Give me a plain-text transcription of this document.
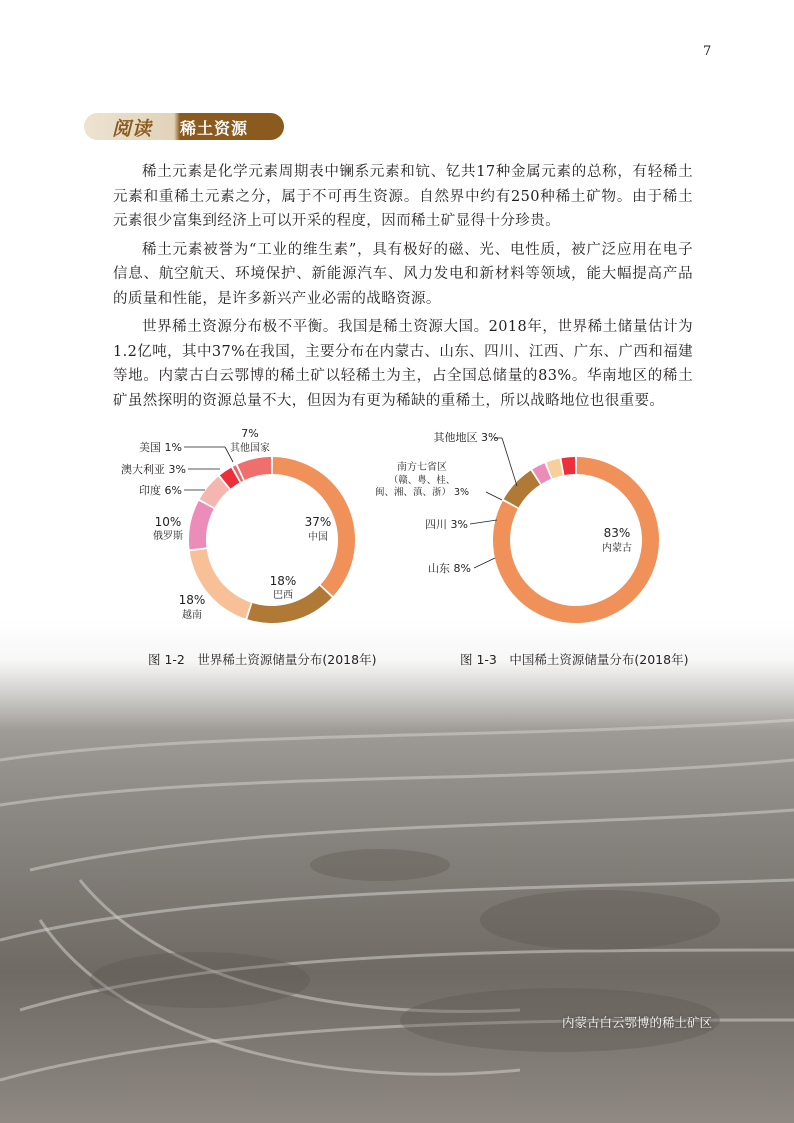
7
阅读 稀土资源

稀土元素是化学元素周期表中镧系元素和钪、钇共17种金属元素的总称，有轻稀土元素和重稀土元素之分，属于不可再生资源。自然界中约有250种稀土矿物。由于稀土元素很少富集到经济上可以开采的程度，因而稀土矿显得十分珍贵。

稀土元素被誉为“工业的维生素”，具有极好的磁、光、电性质，被广泛应用在电子信息、航空航天、环境保护、新能源汽车、风力发电和新材料等领域，能大幅提高产品的质量和性能，是许多新兴产业必需的战略资源。

世界稀土资源分布极不平衡。我国是稀土资源大国。2018年，世界稀土储量估计为1.2亿吨，其中37%在我国，主要分布在内蒙古、山东、四川、江西、广东、广西和福建等地。内蒙古白云鄂博的稀土矿以轻稀土为主，占全国总储量的83%。华南地区的稀土矿虽然探明的资源总量不大，但因为有更为稀缺的重稀土，所以战略地位也很重要。

内蒙古白云鄂博的稀土矿区
37%
中国
18%
巴西
18%
越南
10%
俄罗斯
印度 6%
澳大利亚 3%
美国 1%
7%
其他国家
83%
内蒙古
山东 8%
四川 3%
南方七省区
（赣、粤、桂、
闽、湘、滇、浙） 3%
其他地区 3%
图 1-2　世界稀土资源储量分布(2018年)	图 1-3　中国稀土资源储量分布(2018年)
